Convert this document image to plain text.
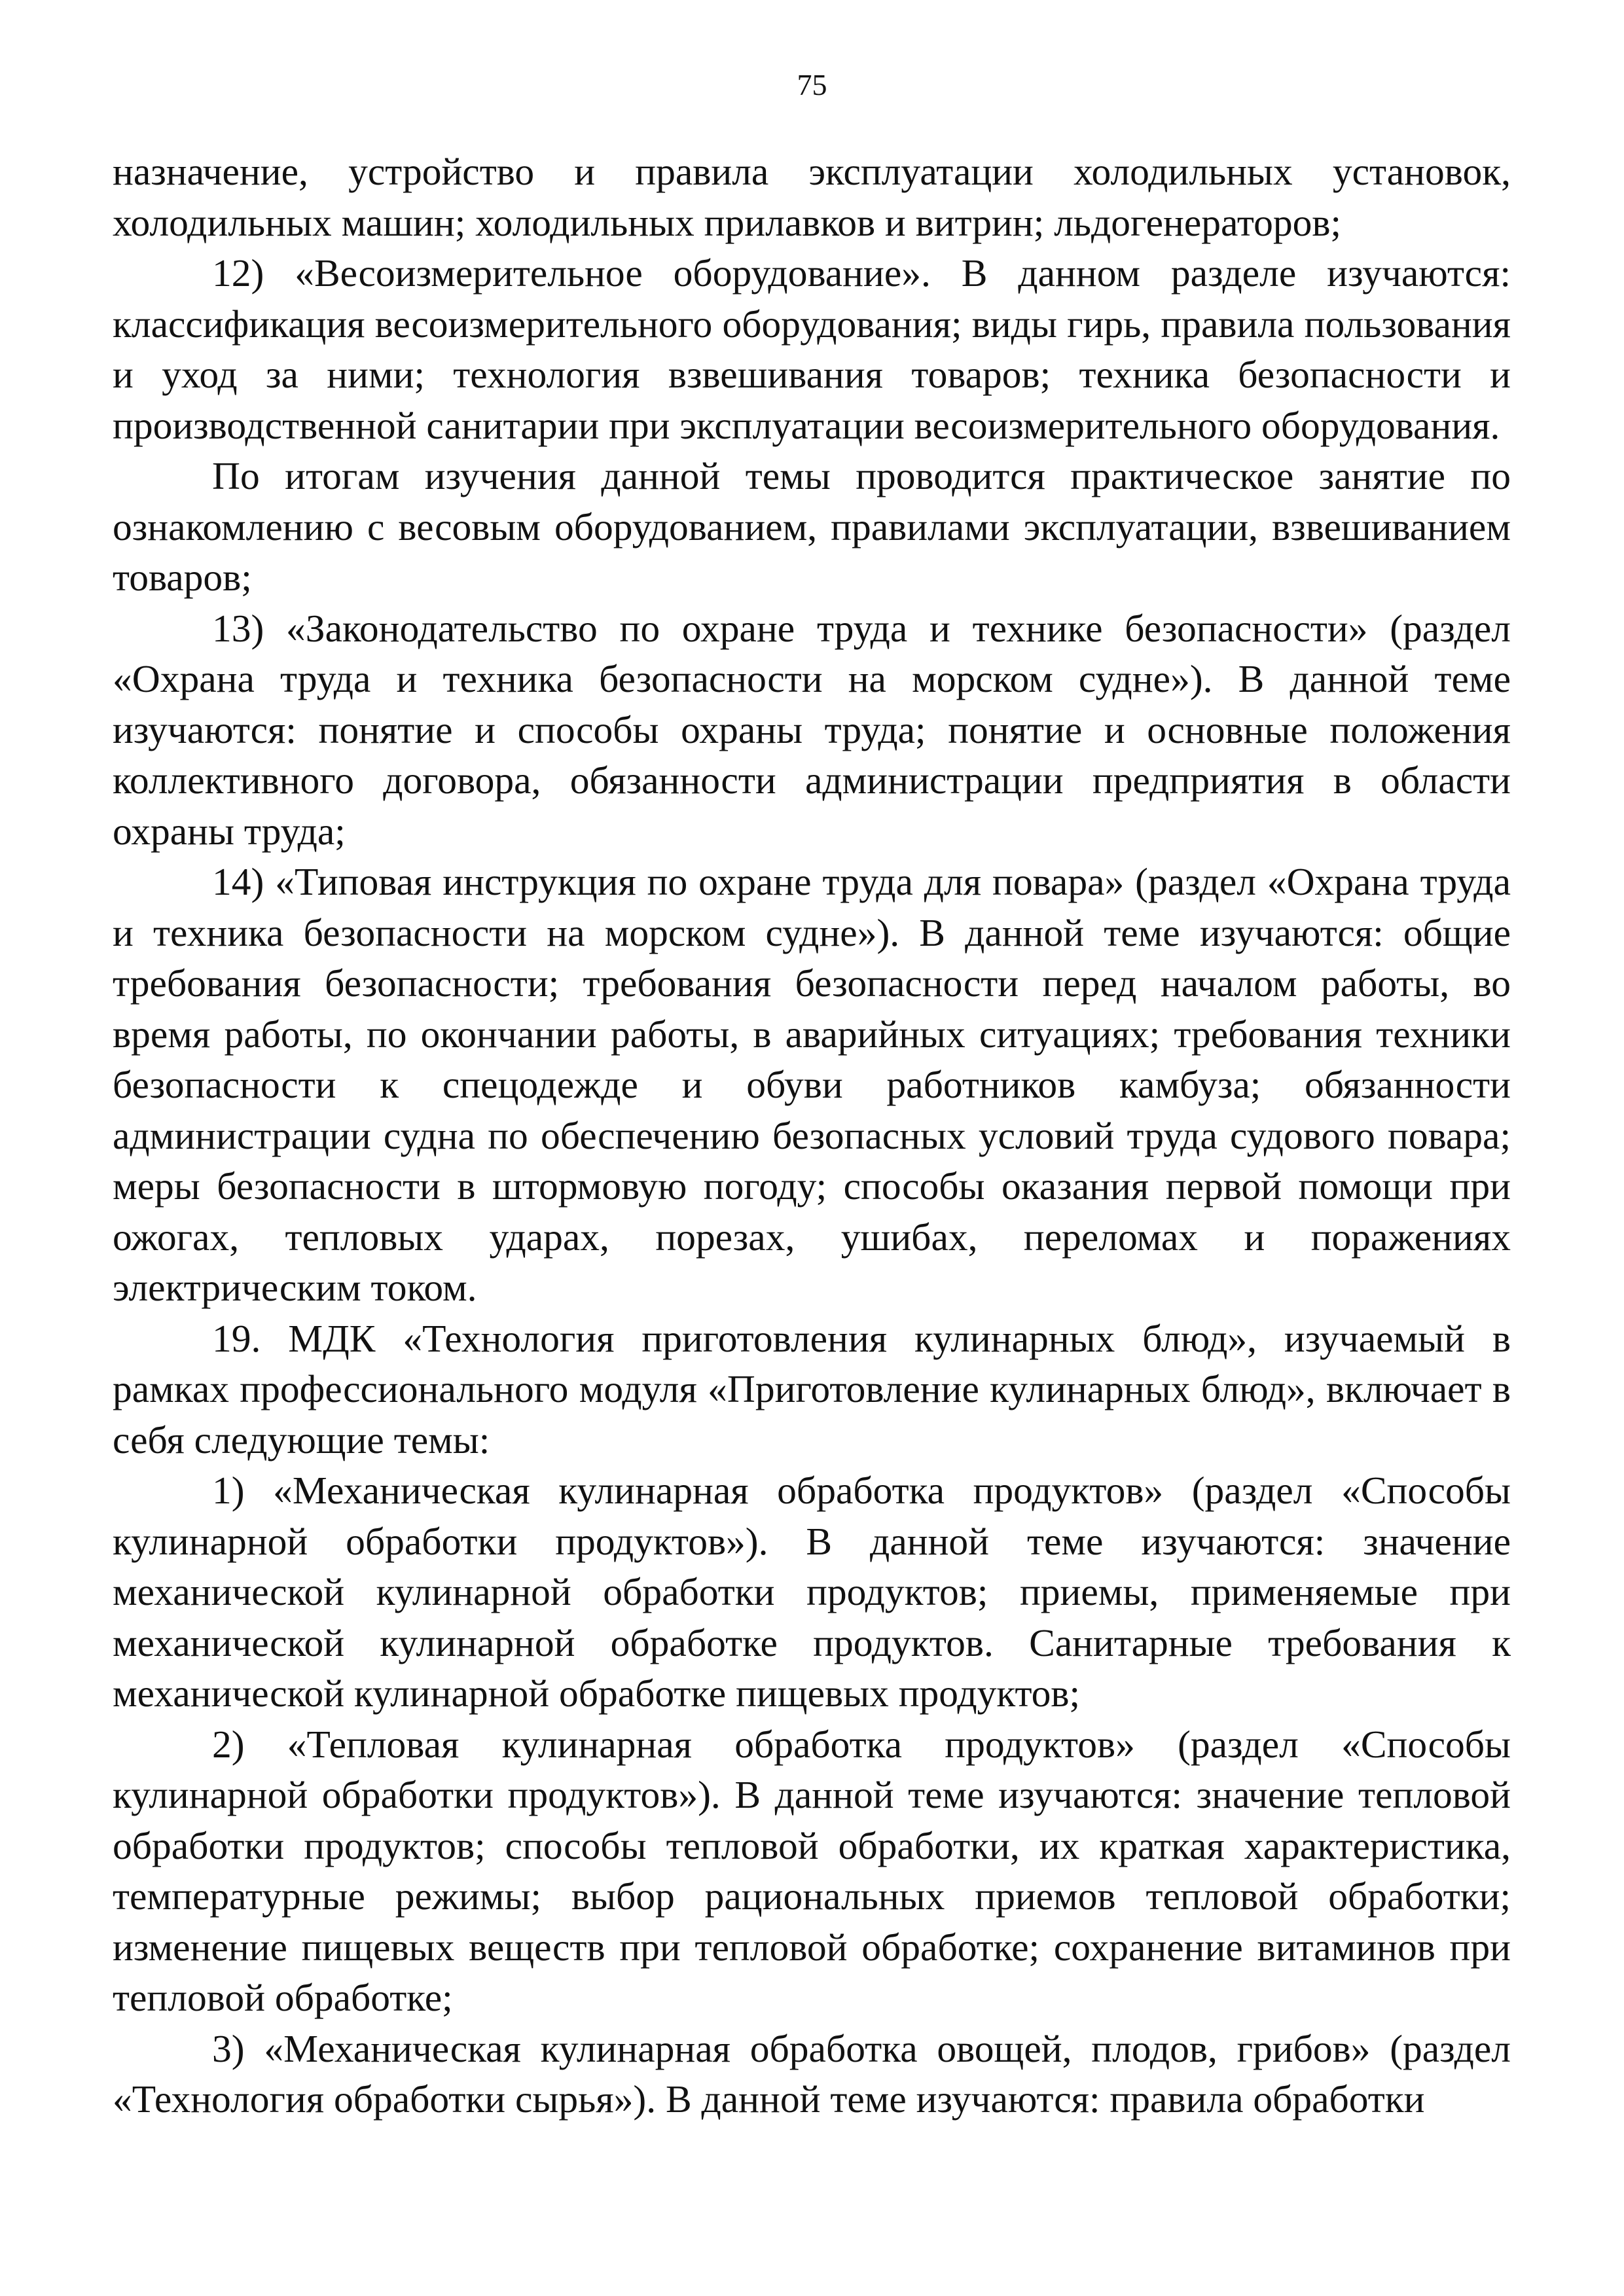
75

назначение, устройство и правила эксплуатации холодильных установок, холодильных машин; холодильных прилавков и витрин; льдогенераторов;

12) «Весоизмерительное оборудование». В данном разделе изучаются: классификация весоизмерительного оборудования; виды гирь, правила пользования и уход за ними; технология взвешивания товаров; техника безопасности и производственной санитарии при эксплуатации весоизмерительного оборудования.

По итогам изучения данной темы проводится практическое занятие по ознакомлению с весовым оборудованием, правилами эксплуатации, взвешиванием товаров;

13) «Законодательство по охране труда и технике безопасности» (раздел «Охрана труда и техника безопасности на морском судне»). В данной теме изучаются: понятие и способы охраны труда; понятие и основные положения коллективного договора, обязанности администрации предприятия в области охраны труда;

14) «Типовая инструкция по охране труда для повара» (раздел «Охрана труда и техника безопасности на морском судне»). В данной теме изучаются: общие требования безопасности; требования безопасности перед началом работы, во время работы, по окончании работы, в аварийных ситуациях; требования техники безопасности к спецодежде и обуви работников камбуза; обязанности администрации судна по обеспечению безопасных условий труда судового повара; меры безопасности в штормовую погоду; способы оказания первой помощи при ожогах, тепловых ударах, порезах, ушибах, переломах и поражениях электрическим током.

19. МДК «Технология приготовления кулинарных блюд», изучаемый в рамках профессионального модуля «Приготовление кулинарных блюд», включает в себя следующие темы:

1) «Механическая кулинарная обработка продуктов» (раздел «Способы кулинарной обработки продуктов»). В данной теме изучаются: значение механической кулинарной обработки продуктов; приемы, применяемые при механической кулинарной обработке продуктов. Санитарные требования к механической кулинарной обработке пищевых продуктов;

2) «Тепловая кулинарная обработка продуктов» (раздел «Способы кулинарной обработки продуктов»). В данной теме изучаются: значение тепловой обработки продуктов; способы тепловой обработки, их краткая характеристика, температурные режимы; выбор рациональных приемов тепловой обработки; изменение пищевых веществ при тепловой обработке; сохранение витаминов при тепловой обработке;

3) «Механическая кулинарная обработка овощей, плодов, грибов» (раздел «Технология обработки сырья»). В данной теме изучаются: правила обработки
